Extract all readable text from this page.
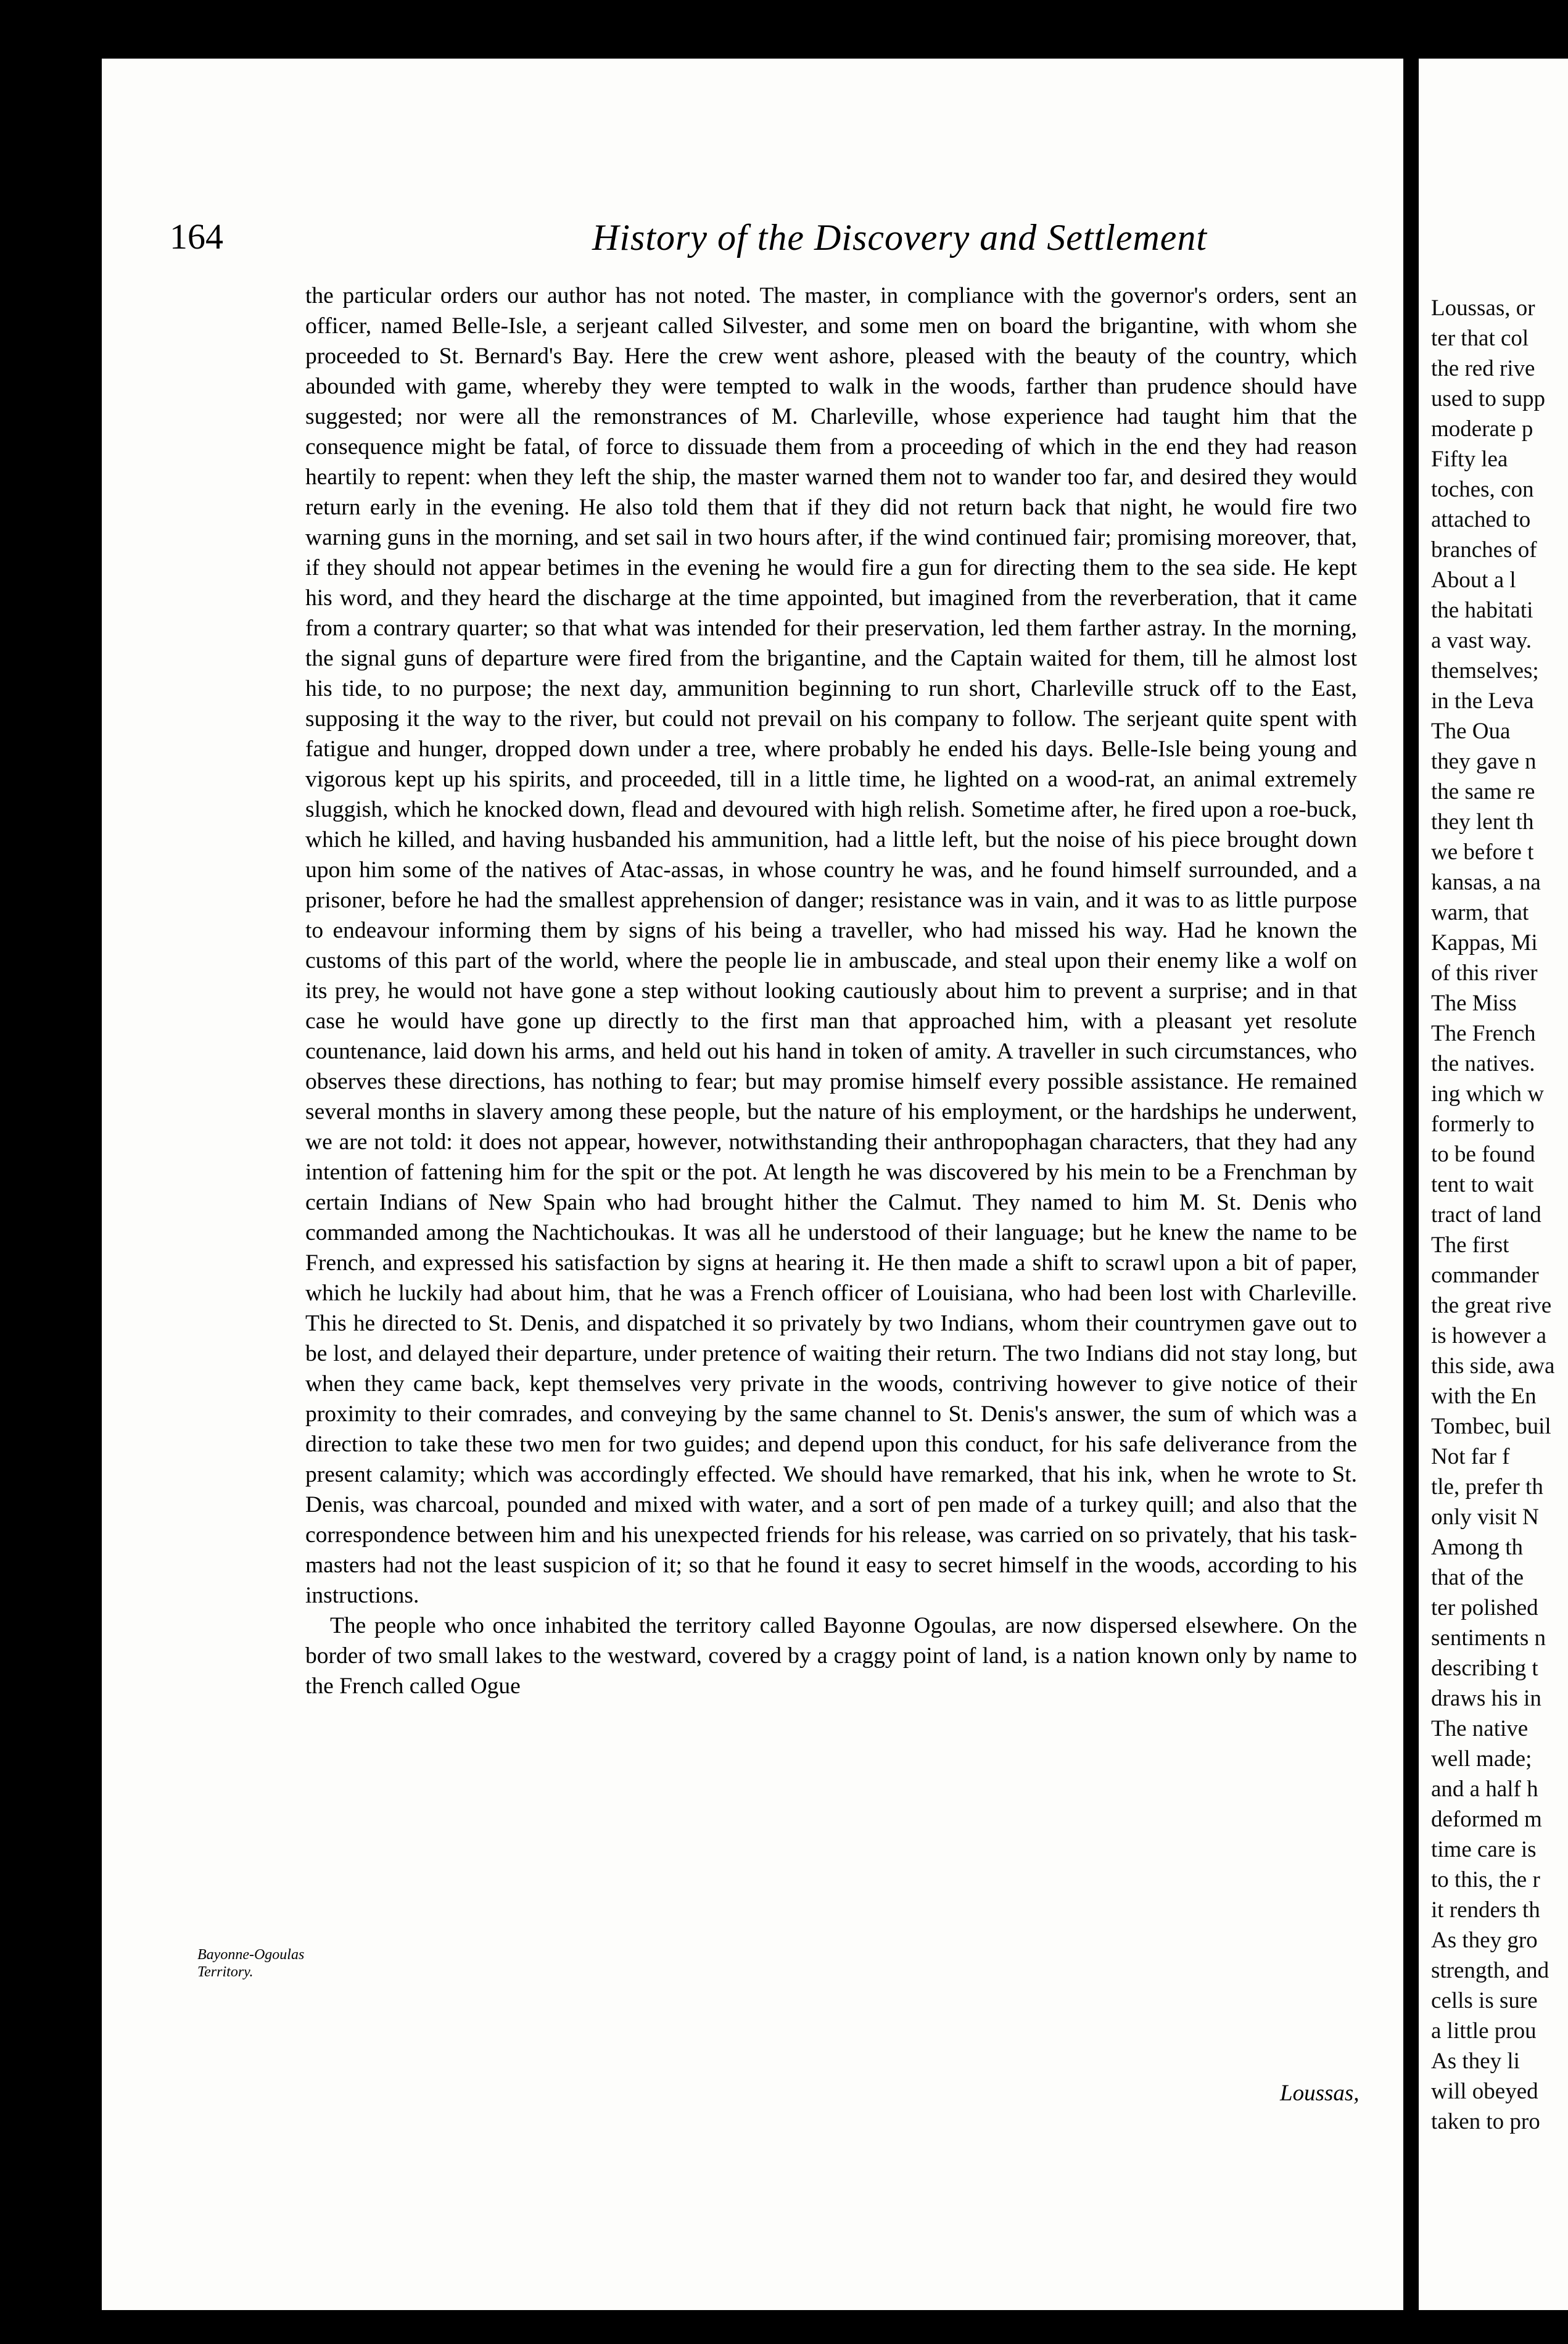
Loussas, or
ter that col
the red rive
used to supp
moderate p
Fifty lea
toches, con
attached to
branches of
About a l
the habitati
a vast way.
themselves;
in the Leva
The Oua
they gave n
the same re
they lent th
we before t
kansas, a na
warm, that
Kappas, Mi
of this river
The Miss
The French
the natives.
ing which w
formerly to
to be found
tent to wait
tract of land
The first
commander
the great rive
is however a
this side, awa
with the En
Tombec, buil
Not far f
tle, prefer th
only visit N
Among th
that of the
ter polished
sentiments n
describing t
draws his in
The native
well made;
and a half h
deformed m
time care is
to this, the r
it renders th
As they gro
strength, and
cells is sure
a little prou
As they li
will obeyed
taken to pro
164	History of the Discovery and Settlement

the particular orders our author has not noted. The master, in compliance with the governor's orders, sent an officer, named Belle-Isle, a serjeant called Silvester, and some men on board the brigantine, with whom she proceeded to St. Bernard's Bay. Here the crew went ashore, pleased with the beauty of the country, which abounded with game, whereby they were tempted to walk in the woods, farther than prudence should have suggested; nor were all the remonstrances of M. Charleville, whose experience had taught him that the consequence might be fatal, of force to dissuade them from a proceeding of which in the end they had reason heartily to repent: when they left the ship, the master warned them not to wander too far, and desired they would return early in the evening. He also told them that if they did not return back that night, he would fire two warning guns in the morning, and set sail in two hours after, if the wind continued fair; promising moreover, that, if they should not appear betimes in the evening he would fire a gun for directing them to the sea side. He kept his word, and they heard the discharge at the time appointed, but imagined from the reverberation, that it came from a contrary quarter; so that what was intended for their preservation, led them farther astray. In the morning, the signal guns of departure were fired from the brigantine, and the Captain waited for them, till he almost lost his tide, to no purpose; the next day, ammunition beginning to run short, Charleville struck off to the East, supposing it the way to the river, but could not prevail on his company to follow. The serjeant quite spent with fatigue and hunger, dropped down under a tree, where probably he ended his days. Belle-Isle being young and vigorous kept up his spirits, and proceeded, till in a little time, he lighted on a wood-rat, an animal extremely sluggish, which he knocked down, flead and devoured with high relish. Sometime after, he fired upon a roe-buck, which he killed, and having husbanded his ammunition, had a little left, but the noise of his piece brought down upon him some of the natives of Atac-assas, in whose country he was, and he found himself surrounded, and a prisoner, before he had the smallest apprehension of danger; resistance was in vain, and it was to as little purpose to endeavour informing them by signs of his being a traveller, who had missed his way. Had he known the customs of this part of the world, where the people lie in ambuscade, and steal upon their enemy like a wolf on its prey, he would not have gone a step without looking cautiously about him to prevent a surprise; and in that case he would have gone up directly to the first man that approached him, with a pleasant yet resolute countenance, laid down his arms, and held out his hand in token of amity. A traveller in such circumstances, who observes these directions, has nothing to fear; but may promise himself every possible assistance. He remained several months in slavery among these people, but the nature of his employment, or the hardships he underwent, we are not told: it does not appear, however, notwithstanding their anthropophagan characters, that they had any intention of fattening him for the spit or the pot. At length he was discovered by his mein to be a Frenchman by certain Indians of New Spain who had brought hither the Calmut. They named to him M. St. Denis who commanded among the Nachtichoukas. It was all he understood of their language; but he knew the name to be French, and expressed his satisfaction by signs at hearing it. He then made a shift to scrawl upon a bit of paper, which he luckily had about him, that he was a French officer of Louisiana, who had been lost with Charleville. This he directed to St. Denis, and dispatched it so privately by two Indians, whom their countrymen gave out to be lost, and delayed their departure, under pretence of waiting their return. The two Indians did not stay long, but when they came back, kept themselves very private in the woods, contriving however to give notice of their proximity to their comrades, and conveying by the same channel to St. Denis's answer, the sum of which was a direction to take these two men for two guides; and depend upon this conduct, for his safe deliverance from the present calamity; which was accordingly effected. We should have remarked, that his ink, when he wrote to St. Denis, was charcoal, pounded and mixed with water, and a sort of pen made of a turkey quill; and also that the correspondence between him and his unexpected friends for his release, was carried on so privately, that his task-masters had not the least suspicion of it; so that he found it easy to secret himself in the woods, according to his instructions.

The people who once inhabited the territory called Bayonne Ogoulas, are now dispersed elsewhere. On the border of two small lakes to the westward, covered by a craggy point of land, is a nation known only by name to the French called Ogue

Bayonne-Ogoulas Territory.
Loussas,
